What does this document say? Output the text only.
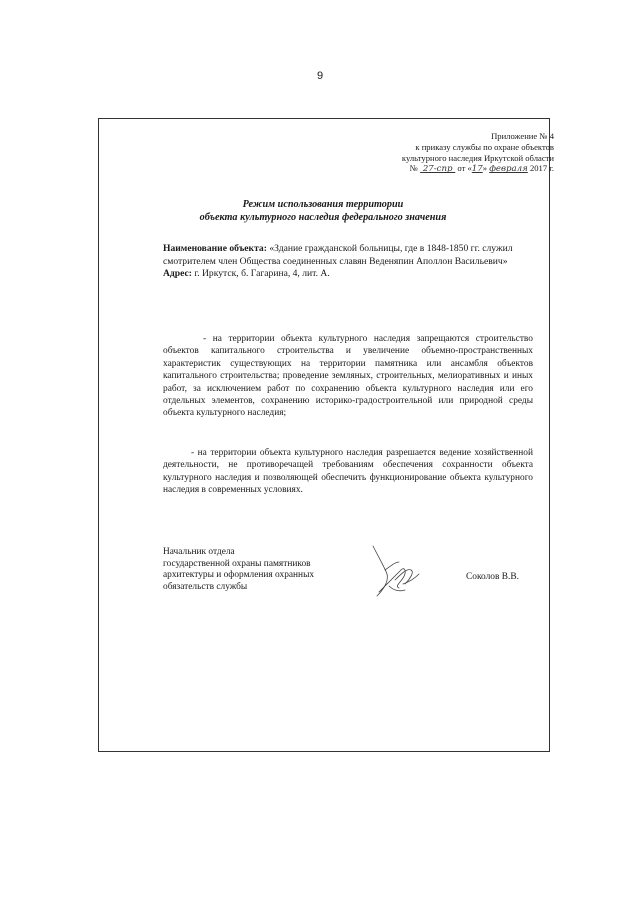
9
Приложение № 4
к приказу службы по охране объектов
культурного наследия Иркутской области
№ 27-спр от «17» февраля 2017 г.
Режим использования территории
объекта культурного наследия федерального значения
Наименование объекта: «Здание гражданской больницы, где в 1848-1850 гг. служил смотрителем член Общества соединенных славян Веденяпин Аполлон Васильевич»
Адрес: г. Иркутск, б. Гагарина, 4, лит. А.
- на территории объекта культурного наследия запрещаются строительство объектов капитального строительства и увеличение объемно-пространственных характеристик существующих на территории памятника или ансамбля объектов капитального строительства; проведение земляных, строительных, мелиоративных и иных работ, за исключением работ по сохранению объекта культурного наследия или его отдельных элементов, сохранению историко-градостроительной или природной среды объекта культурного наследия;
- на территории объекта культурного наследия разрешается ведение хозяйственной деятельности, не противоречащей требованиям обеспечения сохранности объекта культурного наследия и позволяющей обеспечить функционирование объекта культурного наследия в современных условиях.
Начальник отдела
государственной охраны памятников
архитектуры и оформления охранных
обязательств службы
Соколов В.В.
